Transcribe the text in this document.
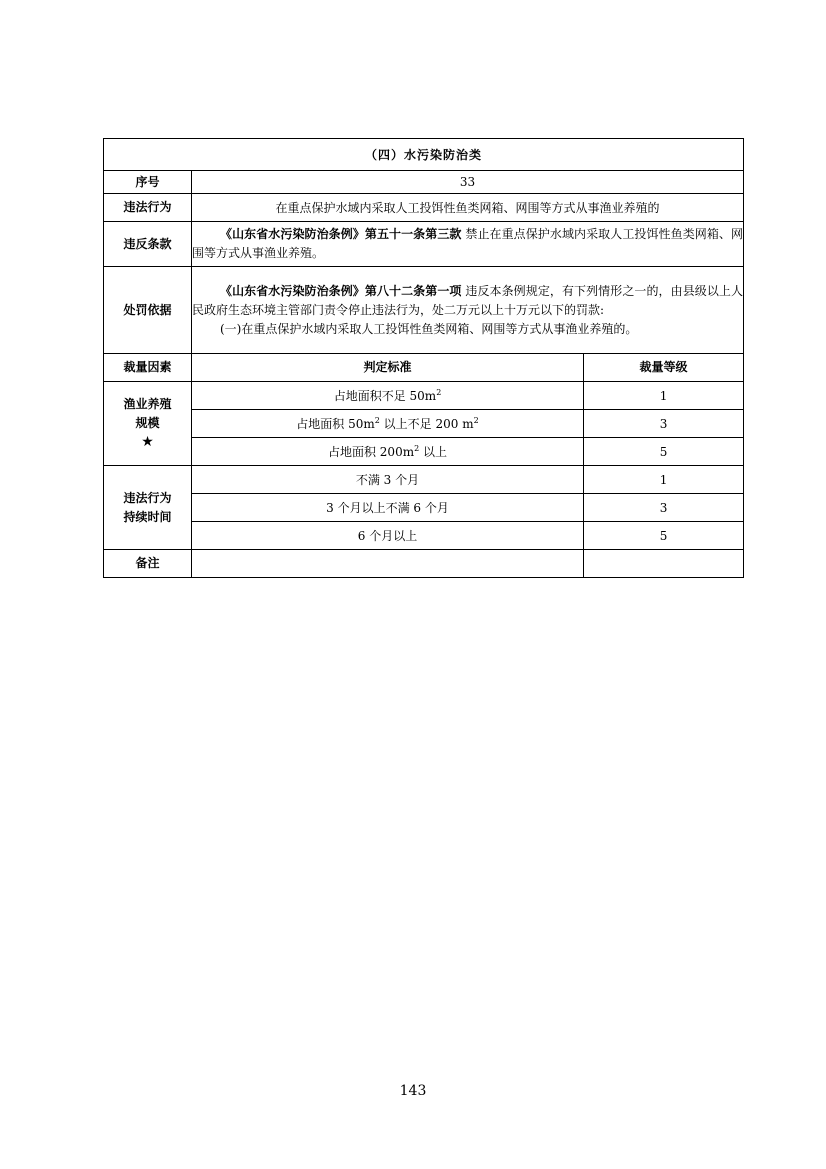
（四）水污染防治类		
序号	33	
违法行为	在重点保护水域内采取人工投饵性鱼类网箱、网围等方式从事渔业养殖的	
违反条款	《山东省水污染防治条例》第五十一条第三款 禁止在重点保护水域内采取人工投饵性鱼类网箱、网围等方式从事渔业养殖。	
处罚依据	《山东省水污染防治条例》第八十二条第一项 违反本条例规定，有下列情形之一的，由县级以上人民政府生态环境主管部门责令停止违法行为，处二万元以上十万元以下的罚款:
(一)在重点保护水域内采取人工投饵性鱼类网箱、网围等方式从事渔业养殖的。	

裁量因素	判定标准	裁量等级

渔业养殖
规模
★	占地面积不足 $50m^2$	1
	占地面积 $50m^2$ 以上不足 200 $m^2$	3
	占地面积 $200m^2$ 以上	5

违法行为
持续时间	不满 3 个月	1
	3 个月以上不满 6 个月	3
	6 个月以上	5
备注		
143
